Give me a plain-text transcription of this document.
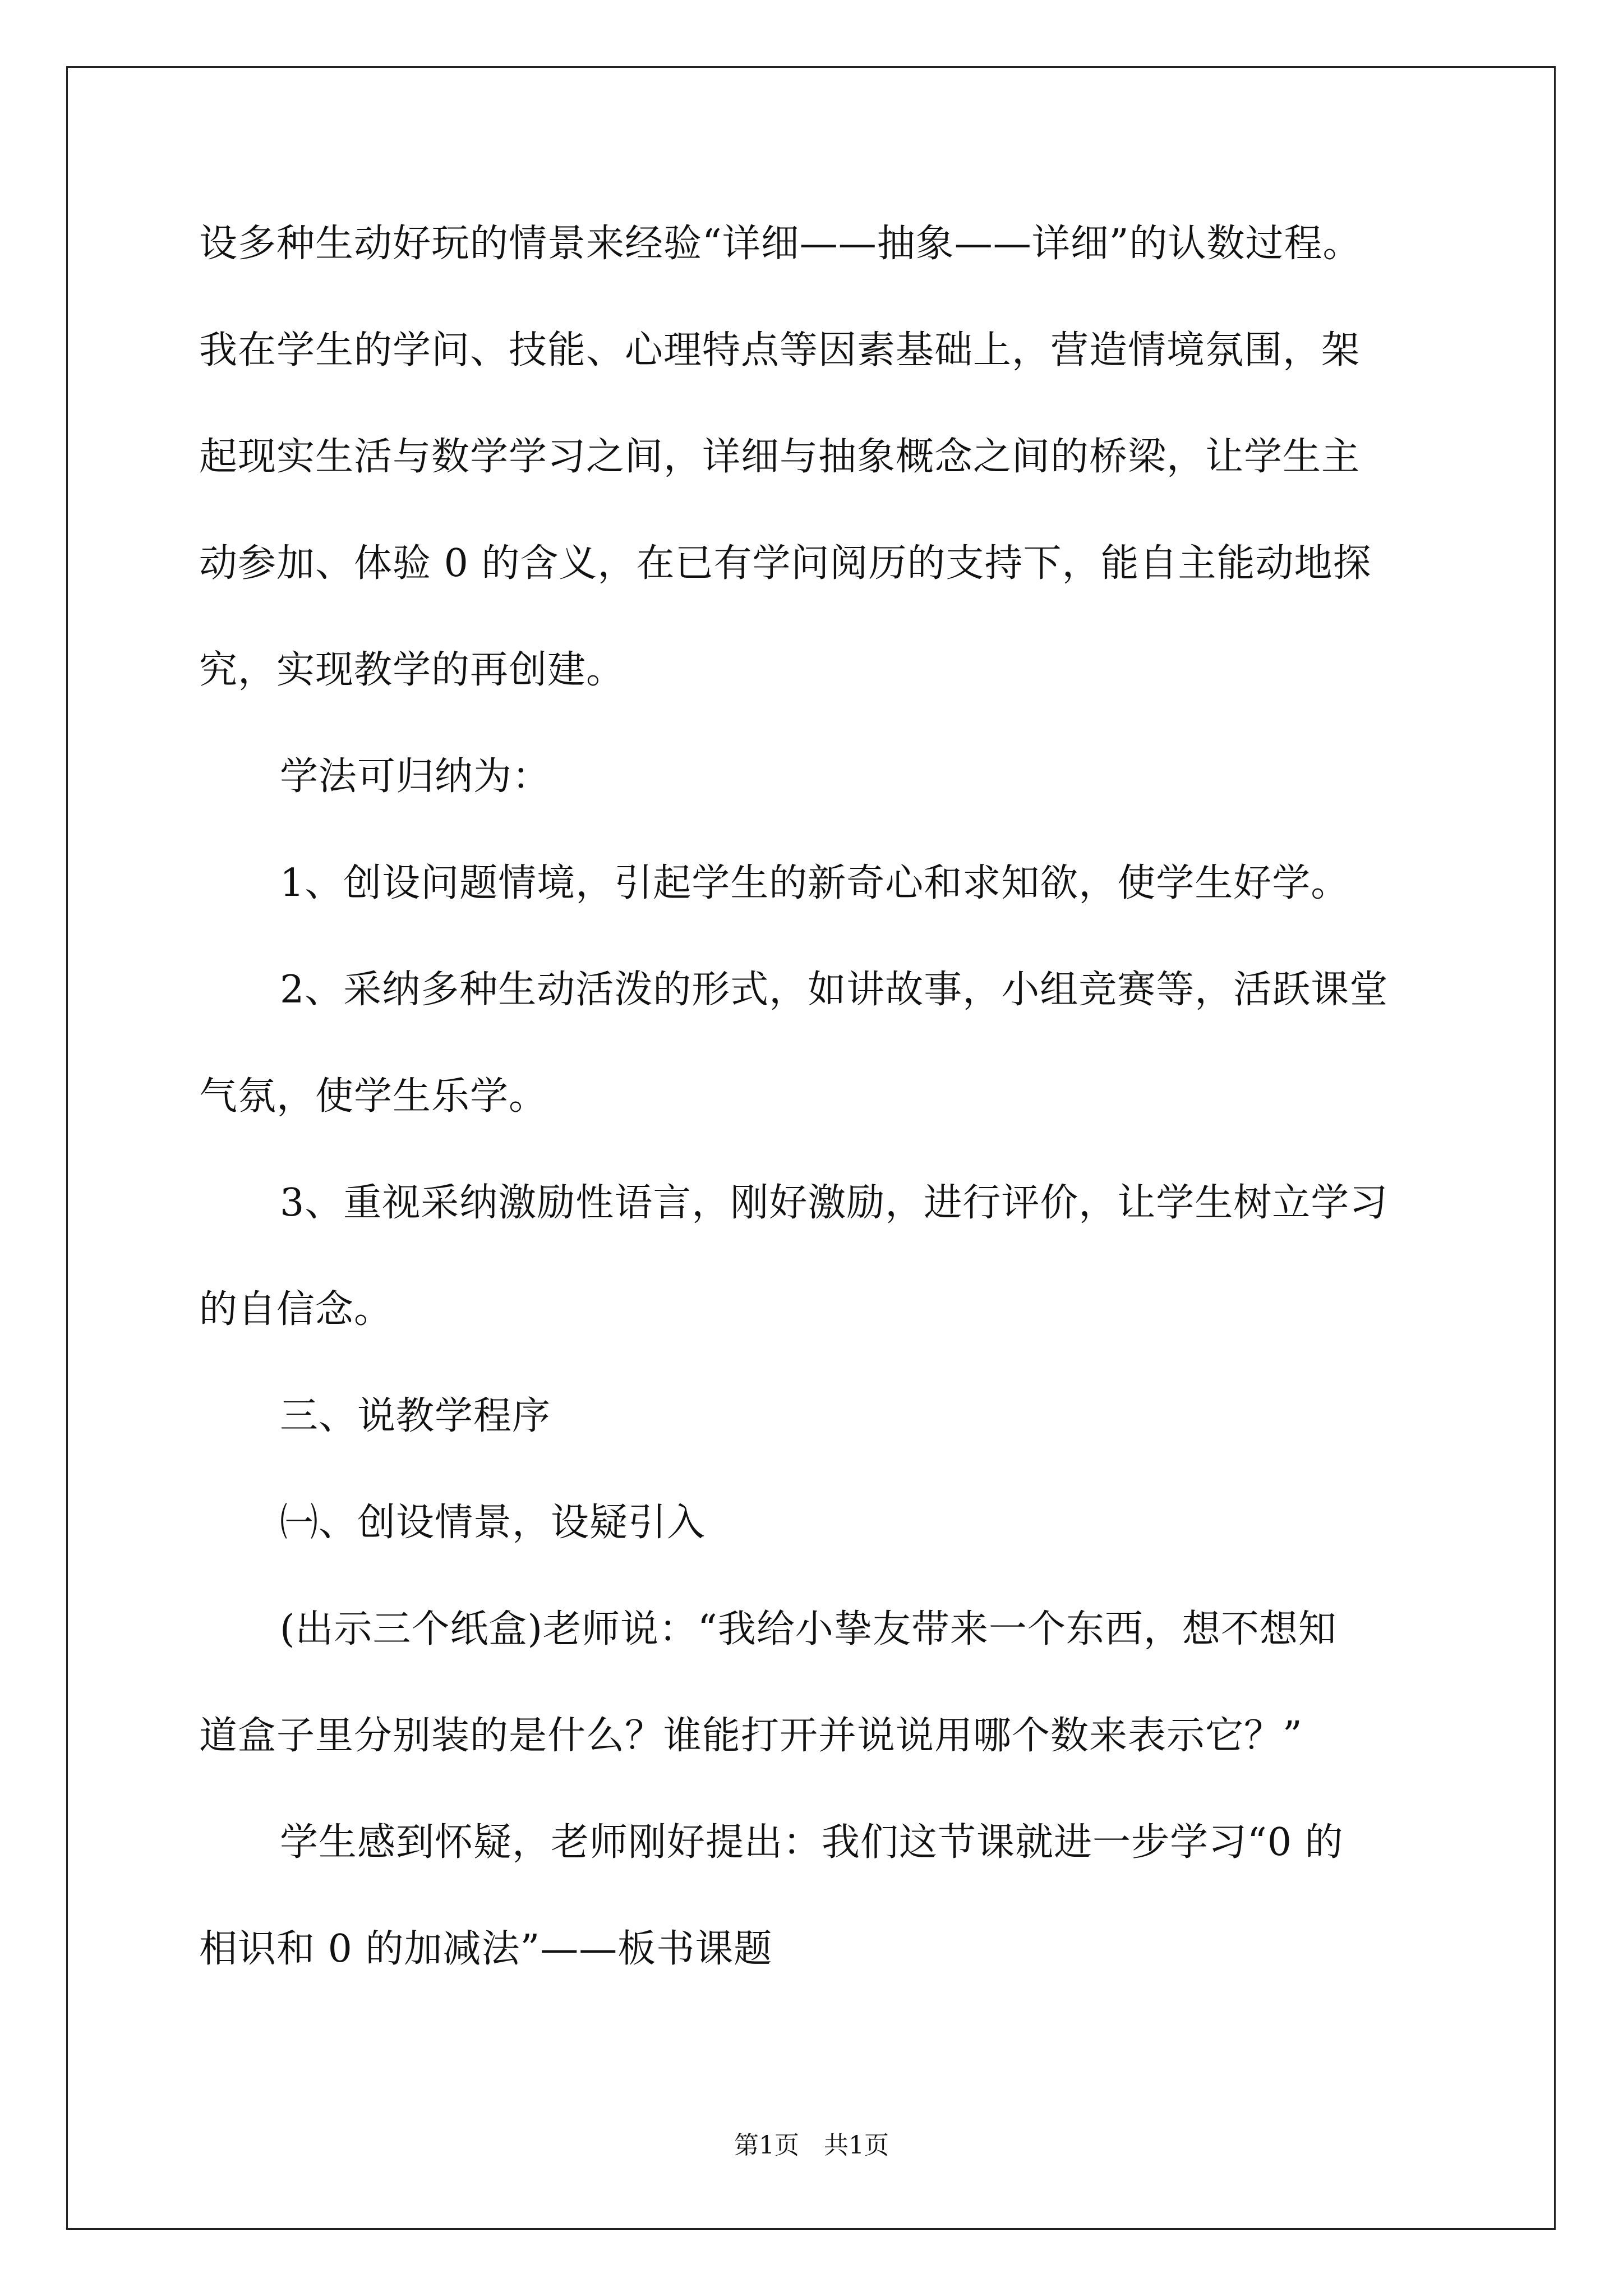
设多种生动好玩的情景来经验“详细——抽象——详细”的认数过程。
我在学生的学问、技能、心理特点等因素基础上，营造情境氛围，架
起现实生活与数学学习之间，详细与抽象概念之间的桥梁，让学生主
动参加、体验 0 的含义，在已有学问阅历的支持下，能自主能动地探
究，实现教学的再创建。
学法可归纳为：
1、创设问题情境，引起学生的新奇心和求知欲，使学生好学。
2、采纳多种生动活泼的形式，如讲故事，小组竞赛等，活跃课堂
气氛，使学生乐学。
3、重视采纳激励性语言，刚好激励，进行评价，让学生树立学习
的自信念。
三、说教学程序
㈠、创设情景，设疑引入
(出示三个纸盒)老师说：“我给小挚友带来一个东西，想不想知
道盒子里分别装的是什么？谁能打开并说说用哪个数来表示它？”
学生感到怀疑，老师刚好提出：我们这节课就进一步学习“0 的
相识和 0 的加减法”——板书课题
第1页　共1页
